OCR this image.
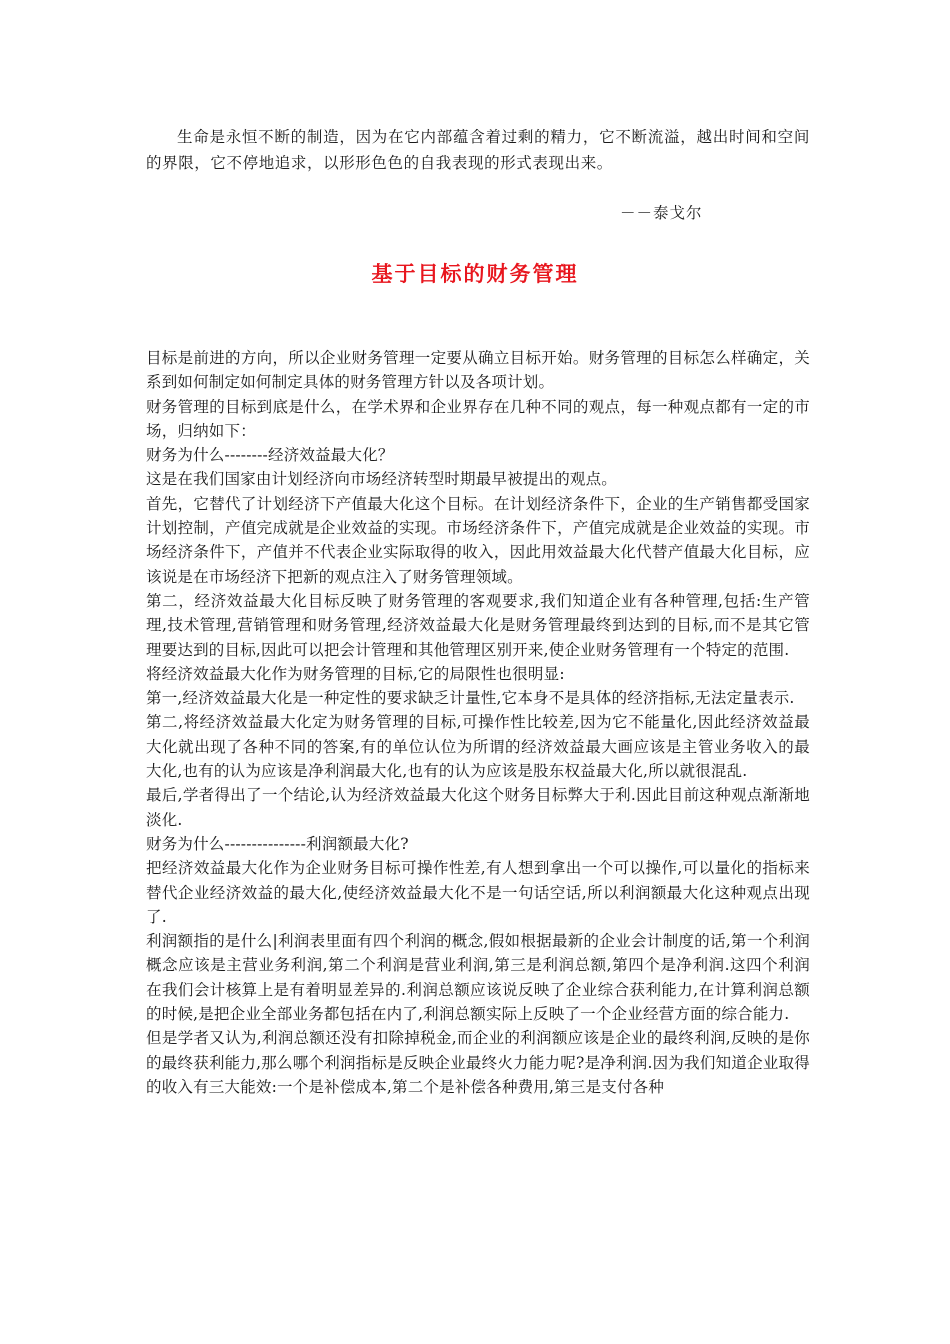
生命是永恒不断的制造，因为在它内部蕴含着过剩的精力，它不断流溢，越出时间和空间的界限，它不停地追求，以形形色色的自我表现的形式表现出来。
－－泰戈尔
基于目标的财务管理

目标是前进的方向，所以企业财务管理一定要从确立目标开始。财务管理的目标怎么样确定，关系到如何制定如何制定具体的财务管理方针以及各项计划。

财务管理的目标到底是什么，在学术界和企业界存在几种不同的观点，每一种观点都有一定的市场，归纳如下：

财务为什么--------经济效益最大化？

这是在我们国家由计划经济向市场经济转型时期最早被提出的观点。

首先，它替代了计划经济下产值最大化这个目标。在计划经济条件下，企业的生产销售都受国家计划控制，产值完成就是企业效益的实现。市场经济条件下，产值完成就是企业效益的实现。市场经济条件下，产值并不代表企业实际取得的收入，因此用效益最大化代替产值最大化目标，应该说是在市场经济下把新的观点注入了财务管理领域。

第二，经济效益最大化目标反映了财务管理的客观要求,我们知道企业有各种管理,包括:生产管理,技术管理,营销管理和财务管理,经济效益最大化是财务管理最终到达到的目标,而不是其它管理要达到的目标,因此可以把会计管理和其他管理区别开来,使企业财务管理有一个特定的范围.

将经济效益最大化作为财务管理的目标,它的局限性也很明显:

第一,经济效益最大化是一种定性的要求缺乏计量性,它本身不是具体的经济指标,无法定量表示.

第二,将经济效益最大化定为财务管理的目标,可操作性比较差,因为它不能量化,因此经济效益最大化就出现了各种不同的答案,有的单位认位为所谓的经济效益最大画应该是主管业务收入的最大化,也有的认为应该是净利润最大化,也有的认为应该是股东权益最大化,所以就很混乱.

最后,学者得出了一个结论,认为经济效益最大化这个财务目标弊大于利.因此目前这种观点渐渐地淡化.

财务为什么---------------利润额最大化?

把经济效益最大化作为企业财务目标可操作性差,有人想到拿出一个可以操作,可以量化的指标来替代企业经济效益的最大化,使经济效益最大化不是一句话空话,所以利润额最大化这种观点出现了.

利润额指的是什么|利润表里面有四个利润的概念,假如根据最新的企业会计制度的话,第一个利润概念应该是主营业务利润,第二个利润是营业利润,第三是利润总额,第四个是净利润.这四个利润在我们会计核算上是有着明显差异的.利润总额应该说反映了企业综合获利能力,在计算利润总额的时候,是把企业全部业务都包括在内了,利润总额实际上反映了一个企业经营方面的综合能力.

但是学者又认为,利润总额还没有扣除掉税金,而企业的利润额应该是企业的最终利润,反映的是你的最终获利能力,那么哪个利润指标是反映企业最终火力能力呢?是净利润.因为我们知道企业取得的收入有三大能效:一个是补偿成本,第二个是补偿各种费用,第三是支付各种
